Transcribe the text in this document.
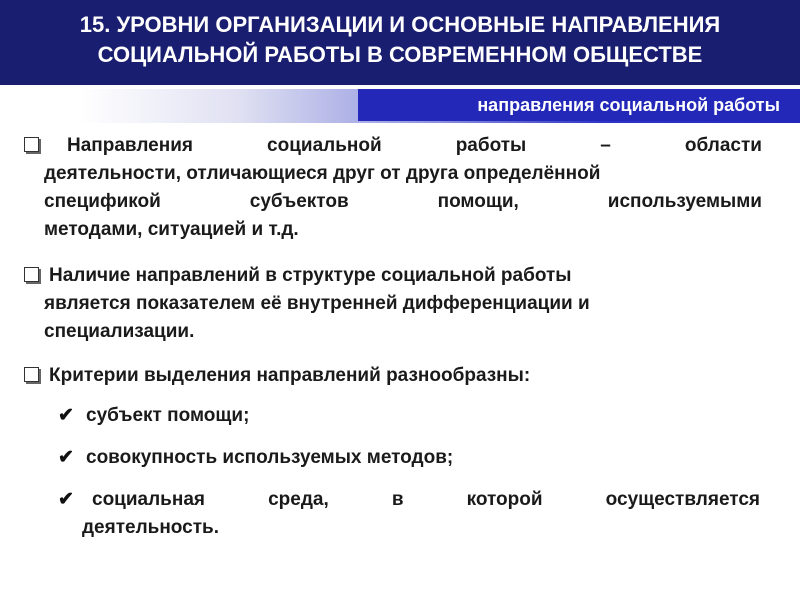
15. УРОВНИ ОРГАНИЗАЦИИ И ОСНОВНЫЕ НАПРАВЛЕНИЯ
СОЦИАЛЬНОЙ РАБОТЫ В СОВРЕМЕННОМ ОБЩЕСТВЕ
направления социальной работы
Направления	социальной	работы	–	области
деятельности, отличающиеся друг от друга определённой
спецификой	субъектов	помощи,	используемыми
методами, ситуацией и т.д.
Наличие направлений в структуре социальной работы
является показателем её внутренней дифференциации и
специализации.
Критерии выделения направлений разнообразны:
✔ субъект помощи;
✔ совокупность используемых методов;
✔ социальная	среда,	в	которой	осуществляется
деятельность.
